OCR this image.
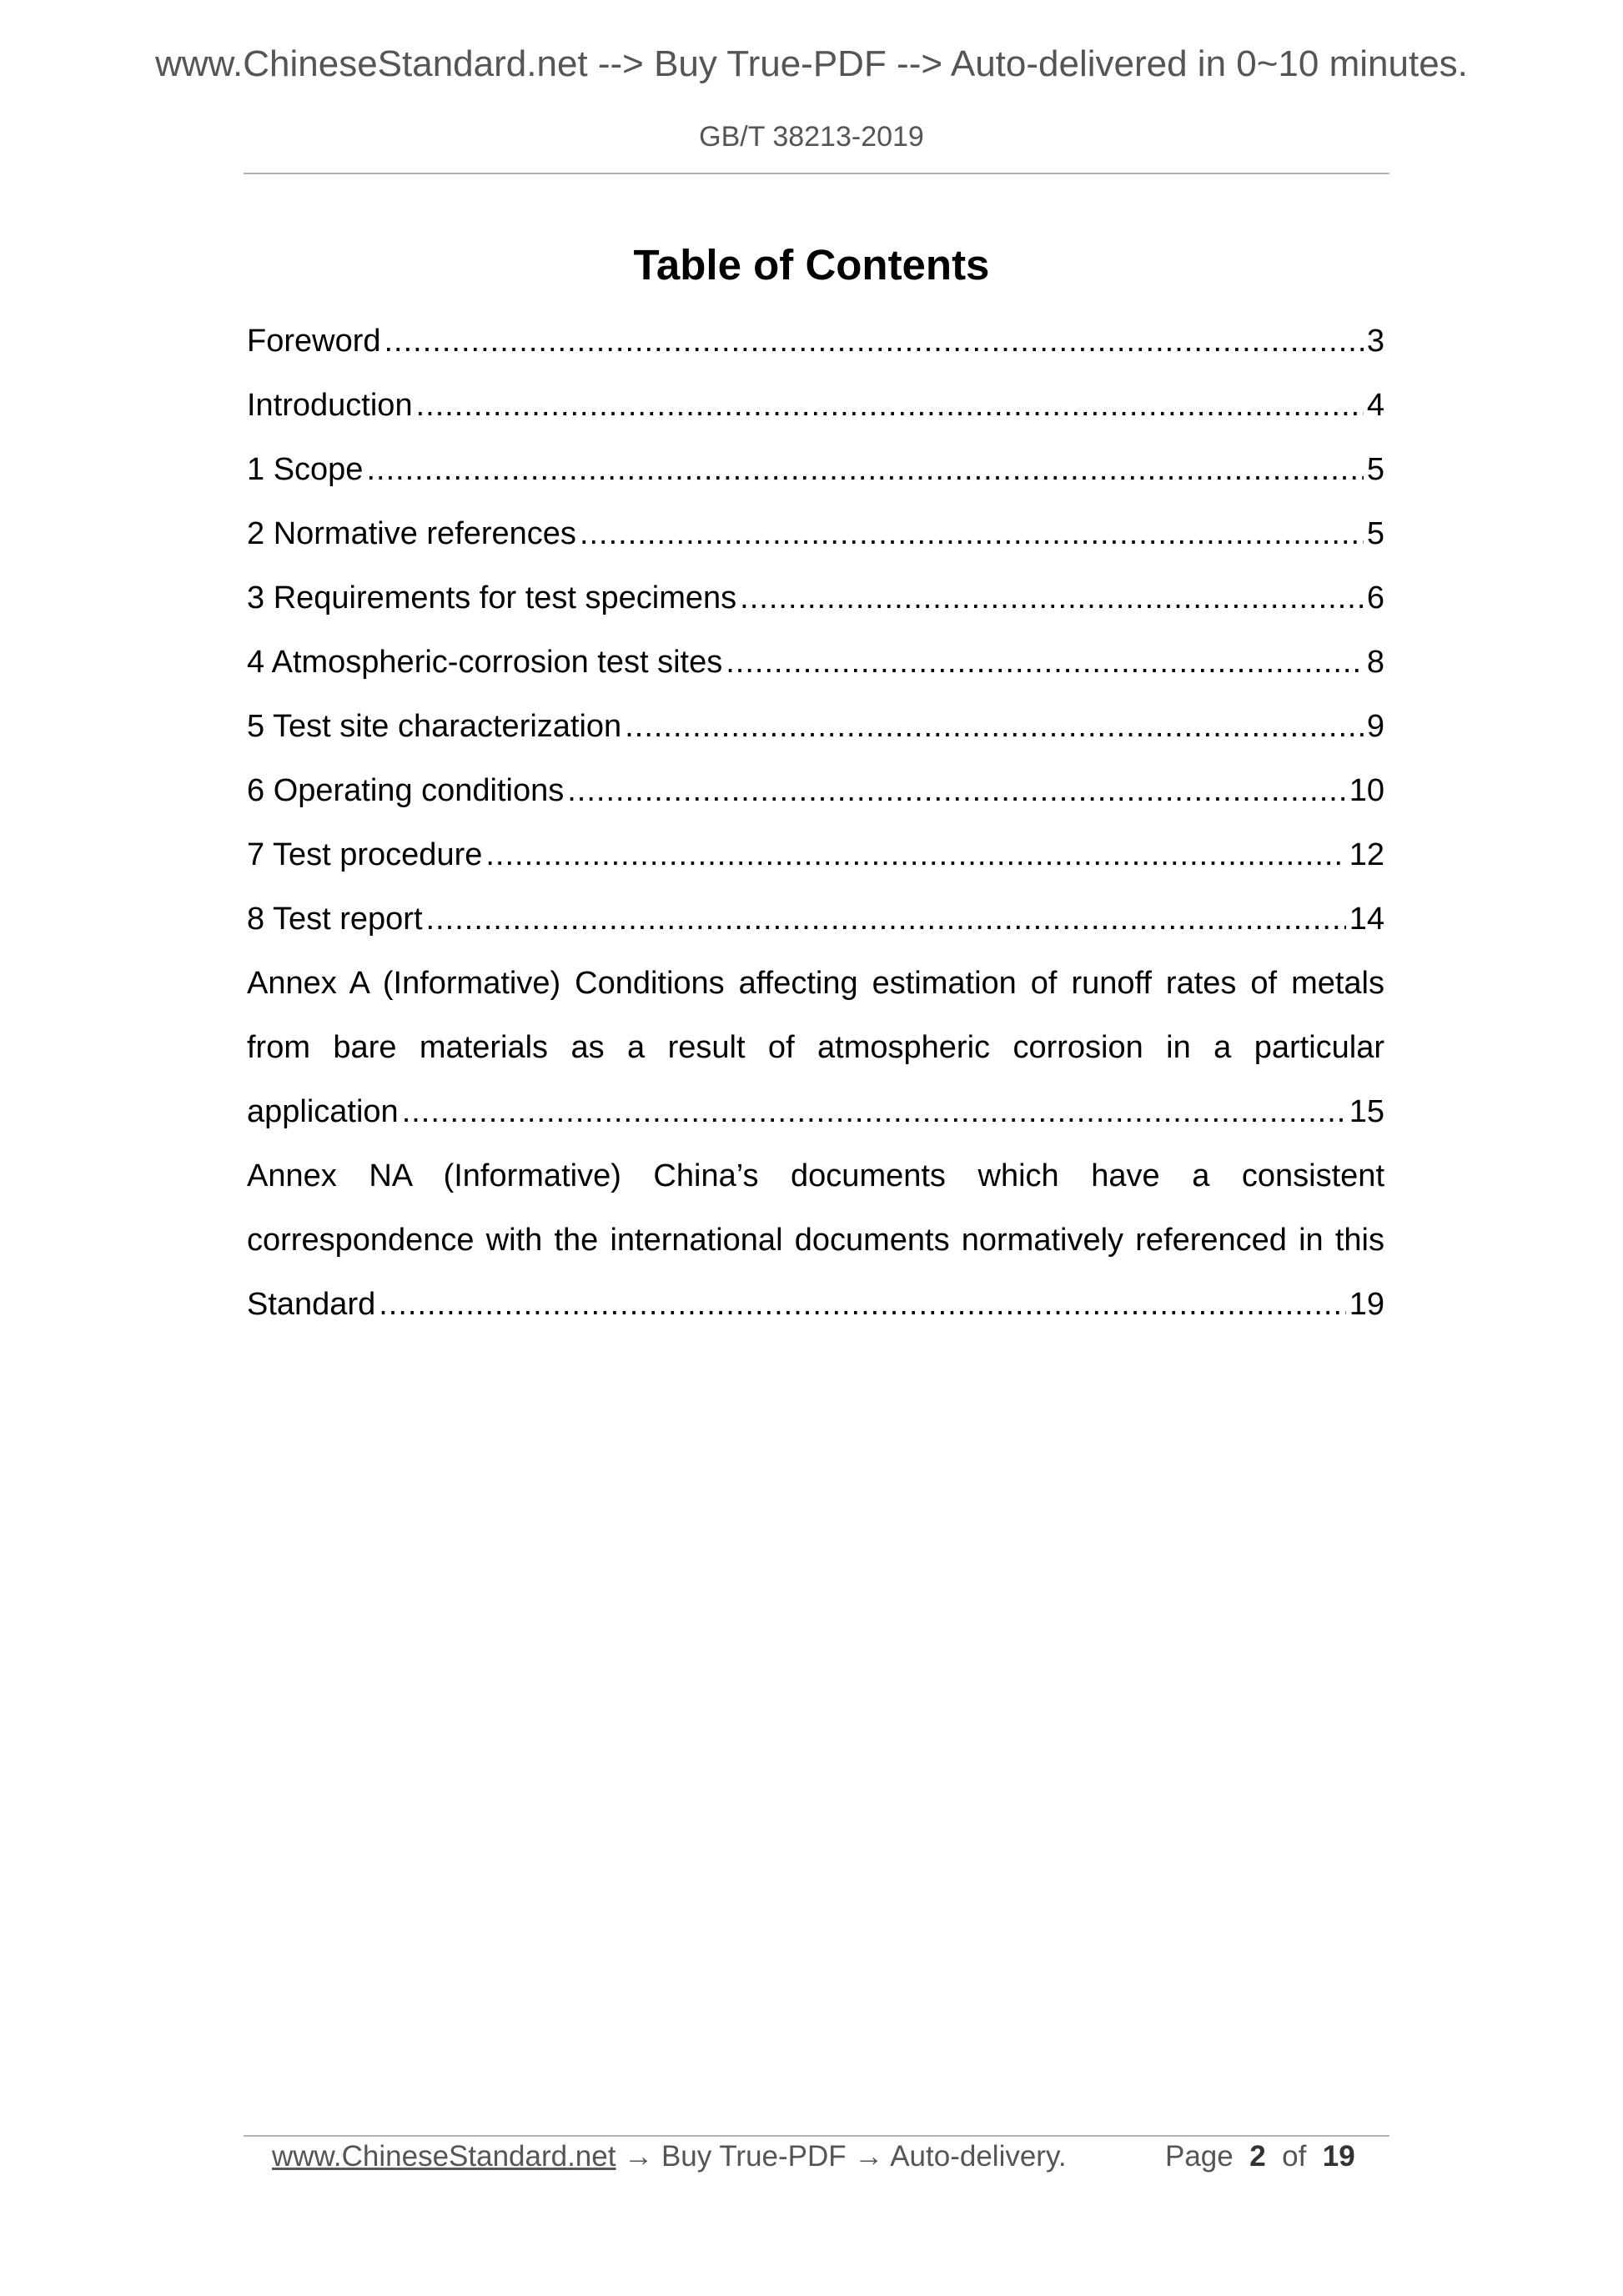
www.ChineseStandard.net --> Buy True-PDF --> Auto-delivered in 0~10 minutes.
GB/T 38213-2019
Table of Contents
Foreword .....	3
Introduction .....	4
1 Scope .....	5
2 Normative references .....	5
3 Requirements for test specimens .....	6
4 Atmospheric-corrosion test sites .....	8
5 Test site characterization .....	9
6 Operating conditions .....	10
7 Test procedure .....	12
8 Test report .....	14
Annex A (Informative) Conditions affecting estimation of runoff rates of metals
from bare materials as a result of atmospheric corrosion in a particular
application .....	15
Annex NA (Informative) China’s documents which have a consistent
correspondence with the international documents normatively referenced in this
Standard .....	19
www.ChineseStandard.net → Buy True-PDF → Auto-delivery.	Page 2 of 19
